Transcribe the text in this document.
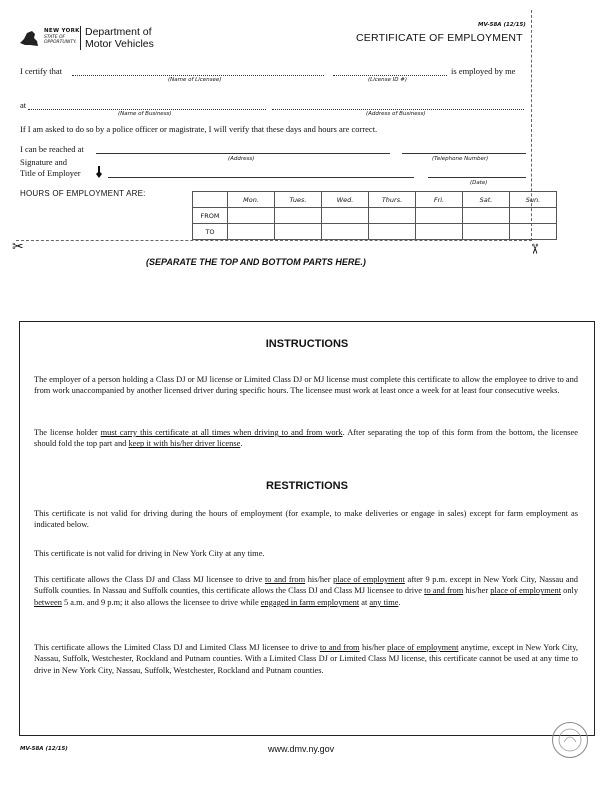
NEW YORK
STATE OF
OPPORTUNITY.
Department of
Motor Vehicles
MV-58A (12/15)
CERTIFICATE OF EMPLOYMENT
I certify that	is employed by me
(Name of Licensee)	(License ID #)
at
(Name of Business)	(Address of Business)
If I am asked to do so by a police officer or magistrate, I will verify that these days and hours are correct.
I can be reached at
(Address)	(Telephone Number)
Signature and
Title of Employer
(Date)
HOURS OF EMPLOYMENT ARE:
	Mon.	Tues.	Wed.	Thurs.	Fri.	Sat.	Sun.
FROM							
TO							
✂	✂
(SEPARATE THE TOP AND BOTTOM PARTS HERE.)
INSTRUCTIONS
The employer of a person holding a Class DJ or MJ license or Limited Class DJ or MJ license must complete this certificate to allow the employee to drive to and from work unaccompanied by another licensed driver during specific hours. The licensee must work at least once a week for at least four consecutive weeks.
The license holder must carry this certificate at all times when driving to and from work. After separating the top of this form from the bottom, the licensee should fold the top part and keep it with his/her driver license.
RESTRICTIONS
This certificate is not valid for driving during the hours of employment (for example, to make deliveries or engage in sales) except for farm employment as indicated below.
This certificate is not valid for driving in New York City at any time.
This certificate allows the Class DJ and Class MJ licensee to drive to and from his/her place of employment after 9 p.m. except in New York City, Nassau and Suffolk counties. In Nassau and Suffolk counties, this certificate allows the Class DJ and Class MJ licensee to drive to and from his/her place of employment only between 5 a.m. and 9 p.m; it also allows the licensee to drive while engaged in farm employment at any time.
This certificate allows the Limited Class DJ and Limited Class MJ licensee to drive to and from his/her place of employment anytime, except in New York City, Nassau, Suffolk, Westchester, Rockland and Putnam counties. With a Limited Class DJ or Limited Class MJ license, this certificate cannot be used at any time to drive in New York City, Nassau, Suffolk, Westchester, Rockland and Putnam counties.
MV-58A (12/15)	www.dmv.ny.gov
